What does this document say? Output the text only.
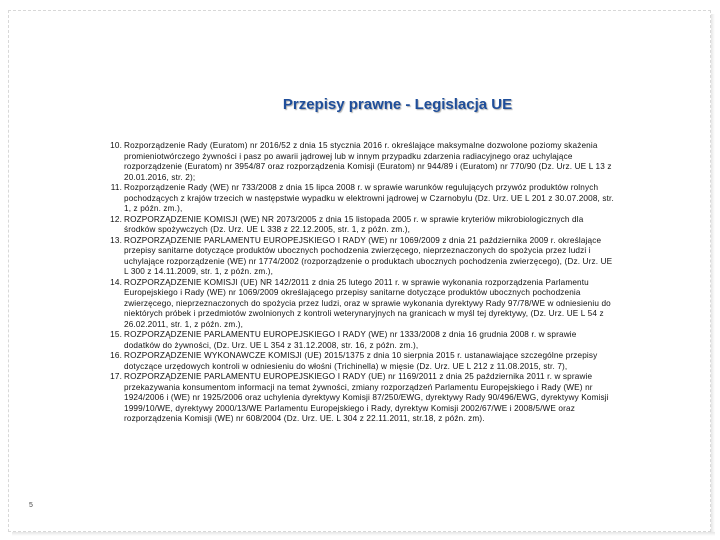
Przepisy prawne - Legislacja UE
10. Rozporządzenie Rady (Euratom) nr 2016/52 z dnia 15 stycznia 2016 r. określające maksymalne dozwolone poziomy skażenia promieniotwórczego żywności i pasz po awarii jądrowej lub w innym przypadku zdarzenia radiacyjnego oraz uchylające rozporządzenie (Euratom) nr 3954/87 oraz rozporządzenia Komisji (Euratom) nr 944/89 i (Euratom) nr 770/90 (Dz. Urz. UE L 13 z 20.01.2016, str. 2);
11. Rozporządzenie Rady (WE) nr 733/2008 z dnia 15 lipca 2008 r. w sprawie warunków regulujących przywóz produktów rolnych pochodzących z krajów trzecich w następstwie wypadku w elektrowni jądrowej w Czarnobylu (Dz. Urz. UE L 201 z 30.07.2008, str. 1, z późn. zm.),
12. ROZPORZĄDZENIE KOMISJI (WE) NR 2073/2005 z dnia 15 listopada 2005 r. w sprawie kryteriów mikrobiologicznych dla środków spożywczych (Dz. Urz. UE L 338 z 22.12.2005, str. 1, z późn. zm.),
13. ROZPORZĄDZENIE PARLAMENTU EUROPEJSKIEGO I RADY (WE) nr 1069/2009 z dnia 21 października 2009 r. określające przepisy sanitarne dotyczące produktów ubocznych pochodzenia zwierzęcego, nieprzeznaczonych do spożycia przez ludzi i uchylające rozporządzenie (WE) nr 1774/2002 (rozporządzenie o produktach ubocznych pochodzenia zwierzęcego), (Dz. Urz. UE L 300 z 14.11.2009, str. 1, z późn. zm.),
14. ROZPORZĄDZENIE KOMISJI (UE) NR 142/2011 z dnia 25 lutego 2011 r. w sprawie wykonania rozporządzenia Parlamentu Europejskiego i Rady (WE) nr 1069/2009 określającego przepisy sanitarne dotyczące produktów ubocznych pochodzenia zwierzęcego, nieprzeznaczonych do spożycia przez ludzi, oraz w sprawie wykonania dyrektywy Rady 97/78/WE w odniesieniu do niektórych próbek i przedmiotów zwolnionych z kontroli weterynaryjnych na granicach w myśl tej dyrektywy, (Dz. Urz. UE L 54 z 26.02.2011, str. 1, z późn. zm.),
15. ROZPORZĄDZENIE PARLAMENTU EUROPEJSKIEGO I RADY (WE) nr 1333/2008 z dnia 16 grudnia 2008 r. w sprawie dodatków do żywności, (Dz. Urz. UE L 354 z 31.12.2008, str. 16, z późn. zm.),
16. ROZPORZĄDZENIE WYKONAWCZE KOMISJI (UE) 2015/1375 z dnia 10 sierpnia 2015 r. ustanawiające szczególne przepisy dotyczące urzędowych kontroli w odniesieniu do włośni (Trichinella) w mięsie (Dz. Urz. UE L 212 z 11.08.2015, str. 7),
17. ROZPORZĄDZENIE PARLAMENTU EUROPEJSKIEGO I RADY (UE) nr 1169/2011 z dnia 25 października 2011 r. w sprawie przekazywania konsumentom informacji na temat żywności, zmiany rozporządzeń Parlamentu Europejskiego i Rady (WE) nr 1924/2006 i (WE) nr 1925/2006 oraz uchylenia dyrektywy Komisji 87/250/EWG, dyrektywy Rady 90/496/EWG, dyrektywy Komisji 1999/10/WE, dyrektywy 2000/13/WE Parlamentu Europejskiego i Rady, dyrektyw Komisji 2002/67/WE i 2008/5/WE oraz rozporządzenia Komisji (WE) nr 608/2004 (Dz. Urz. UE. L 304 z 22.11.2011, str.18, z późn. zm).
5
